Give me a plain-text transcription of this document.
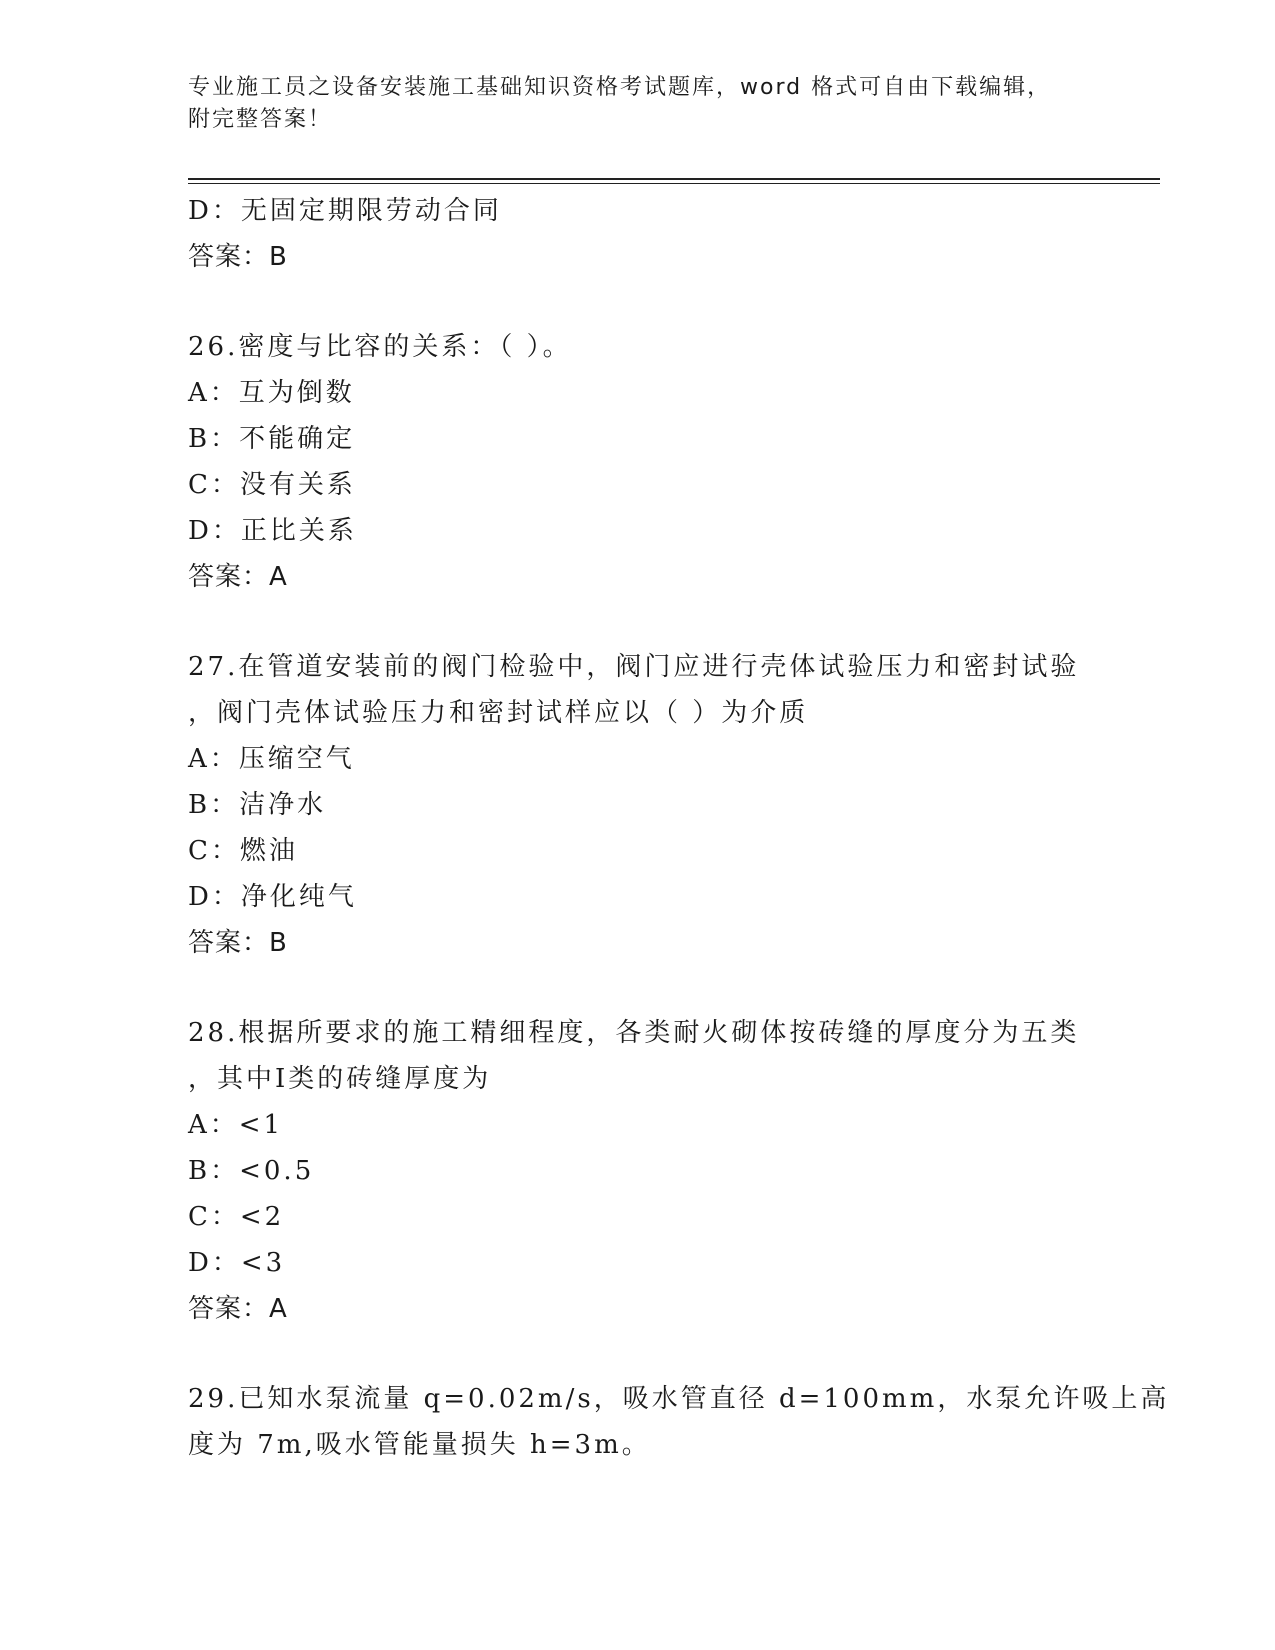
专业施工员之设备安装施工基础知识资格考试题库，word 格式可自由下载编辑，
附完整答案！
D：无固定期限劳动合同
答案：B
26.密度与比容的关系：（ ）。
A：互为倒数
B：不能确定
C：没有关系
D：正比关系
答案：A
27.在管道安装前的阀门检验中，阀门应进行壳体试验压力和密封试验
，阀门壳体试验压力和密封试样应以（ ）为介质
A：压缩空气
B：洁净水
C：燃油
D：净化纯气
答案：B
28.根据所要求的施工精细程度，各类耐火砌体按砖缝的厚度分为五类
，其中Ⅰ类的砖缝厚度为
A：<1
B：<0.5
C：<2
D：<3
答案：A
29.已知水泵流量 q=0.02m/s，吸水管直径 d=100mm，水泵允许吸上高
度为 7m,吸水管能量损失 h=3m。
